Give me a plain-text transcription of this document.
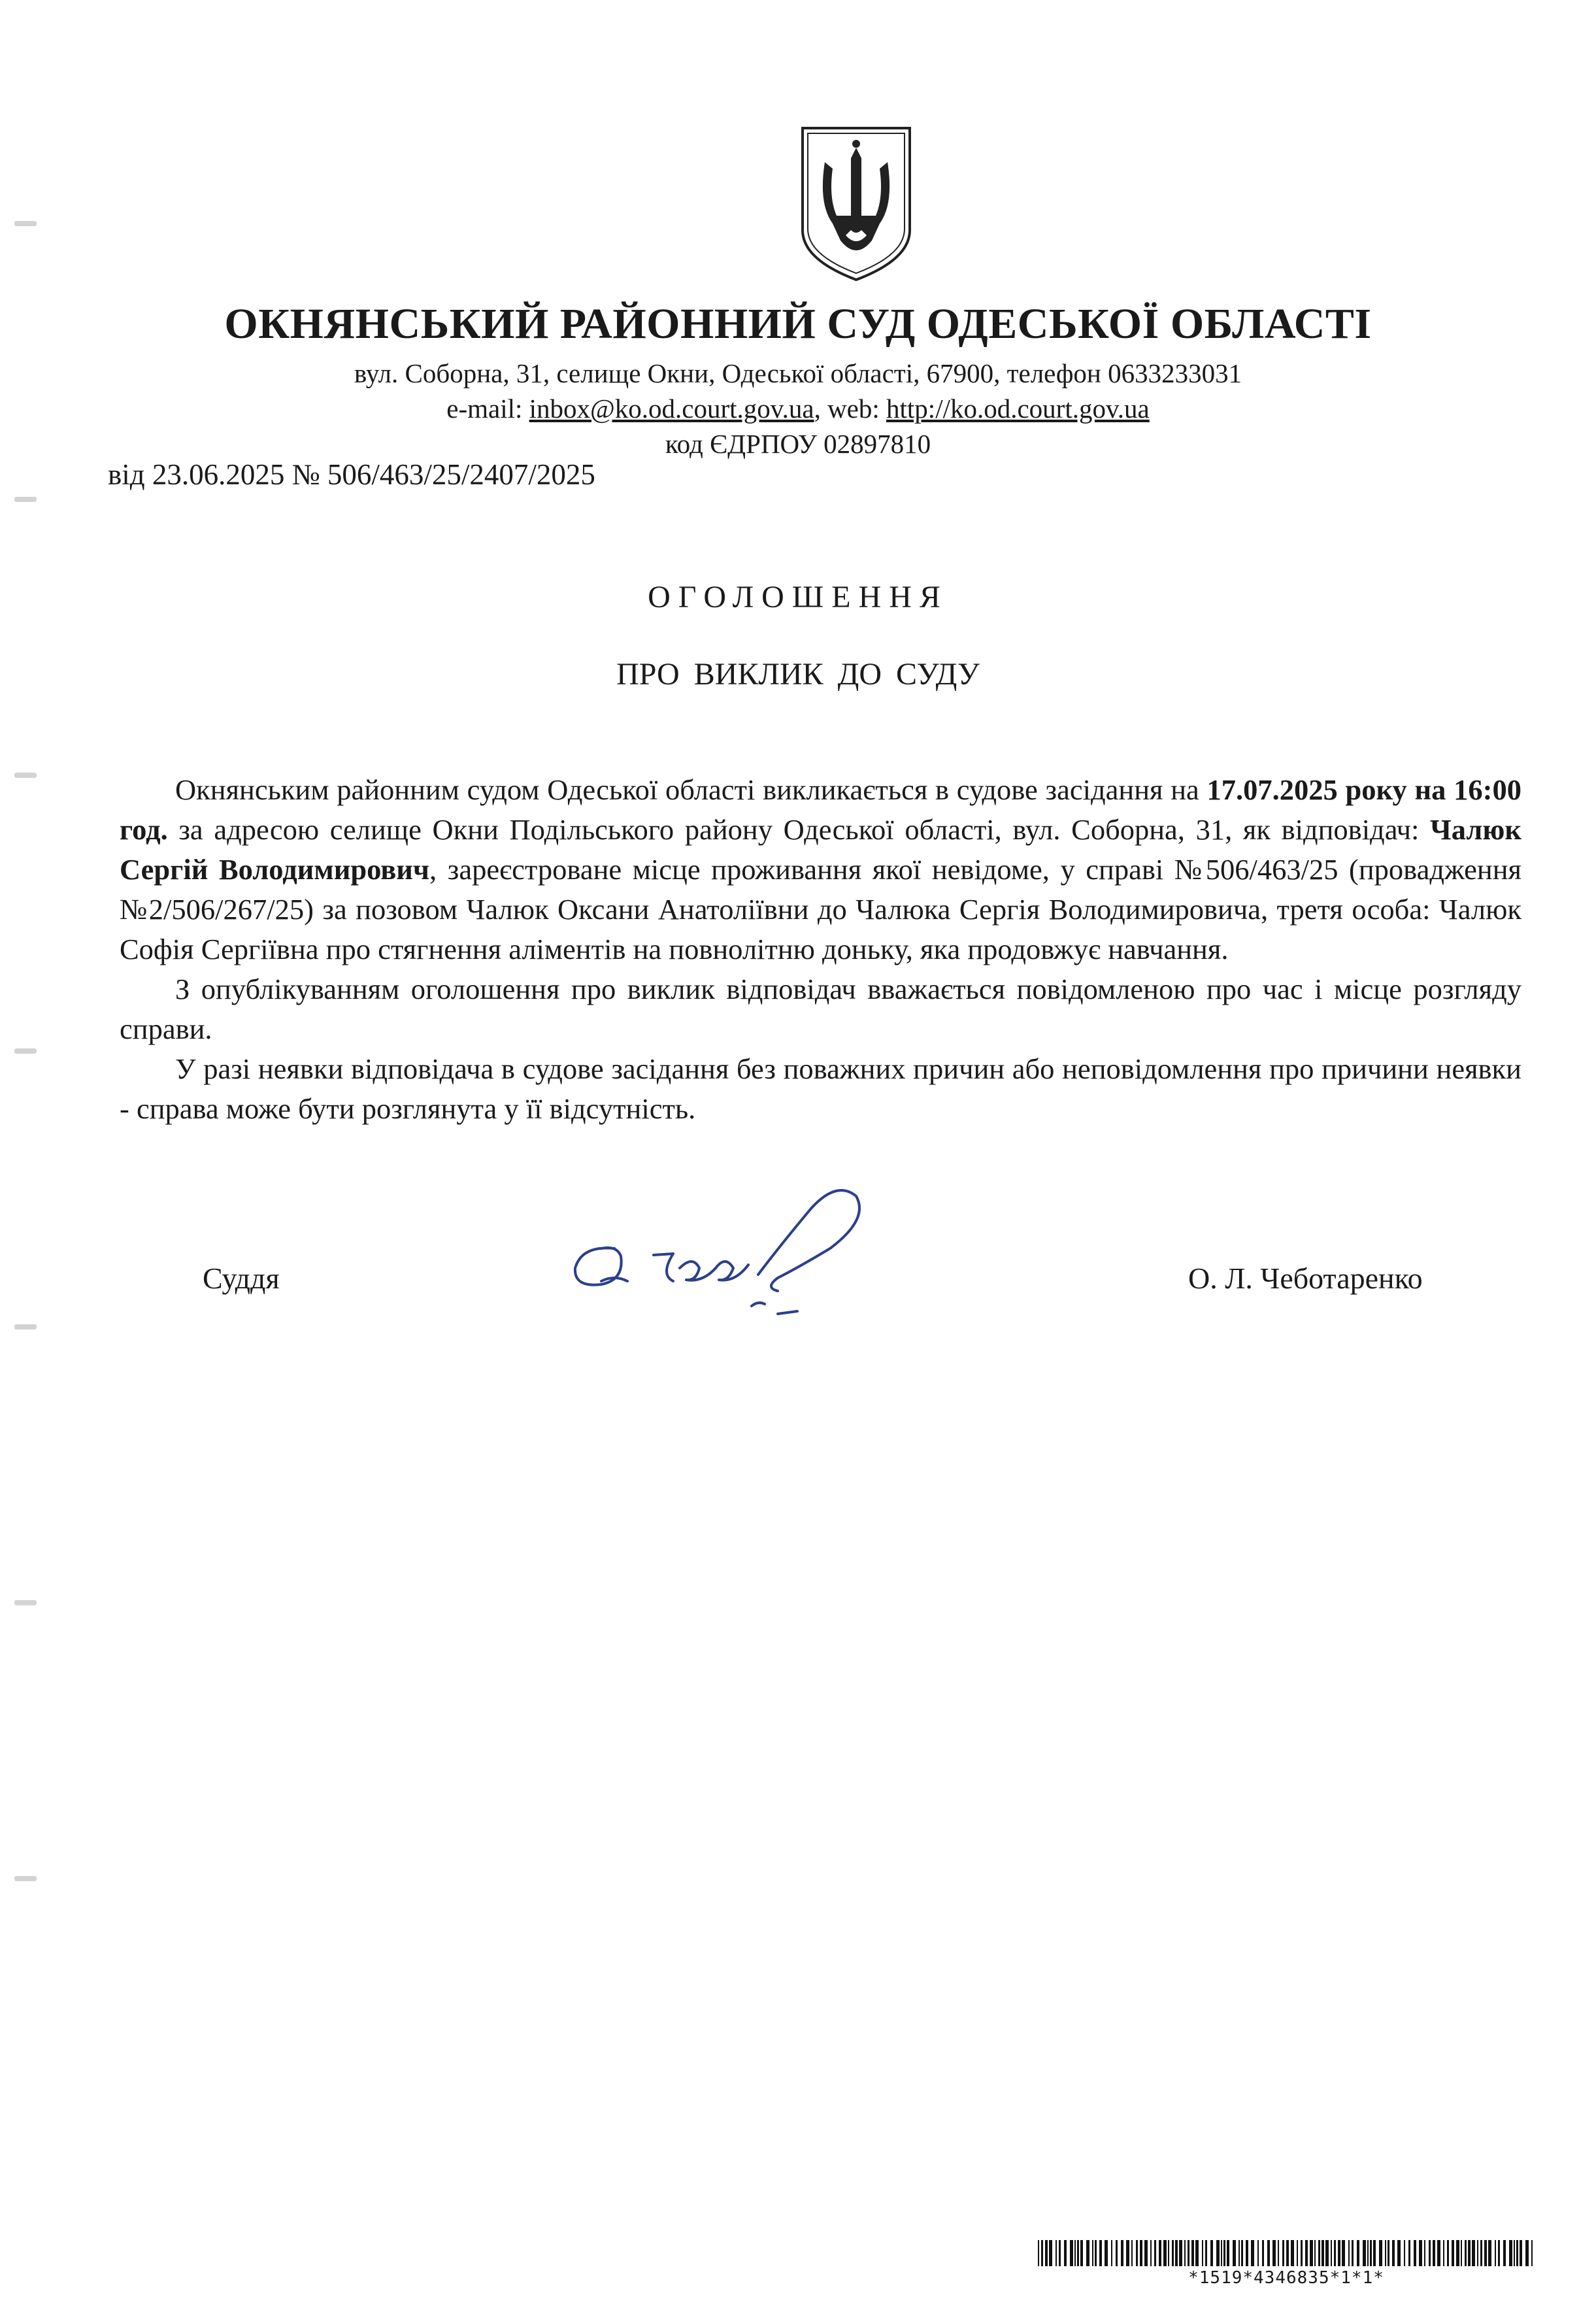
ОКНЯНСЬКИЙ РАЙОННИЙ СУД ОДЕСЬКОЇ ОБЛАСТІ
вул. Соборна, 31, селище Окни, Одеської області, 67900, телефон 0633233031
e-mail: inbox@ko.od.court.gov.ua, web: http://ko.od.court.gov.ua
код ЄДРПОУ 02897810
від 23.06.2025 № 506/463/25/2407/2025
ОГОЛОШЕННЯ
ПРО ВИКЛИК ДО СУДУ

Окнянським районним судом Одеської області викликається в судове засідання на 17.07.2025 року на 16:00 год. за адресою селище Окни Подільського району Одеської області, вул. Соборна, 31, як відповідач: Чалюк Сергій Володимирович, зареєстроване місце проживання якої невідоме, у справі №506/463/25 (провадження №2/506/267/25) за позовом Чалюк Оксани Анатоліївни до Чалюка Сергія Володимировича, третя особа: Чалюк Софія Сергіївна про стягнення аліментів на повнолітню доньку, яка продовжує навчання.

З опублікуванням оголошення про виклик відповідач вважається повідомленою про час і місце розгляду справи.

У разі неявки відповідача в судове засідання без поважних причин або неповідомлення про причини неявки - справа може бути розглянута у її відсутність.

Суддя	О. Л. Чеботаренко
*1519*4346835*1*1*
